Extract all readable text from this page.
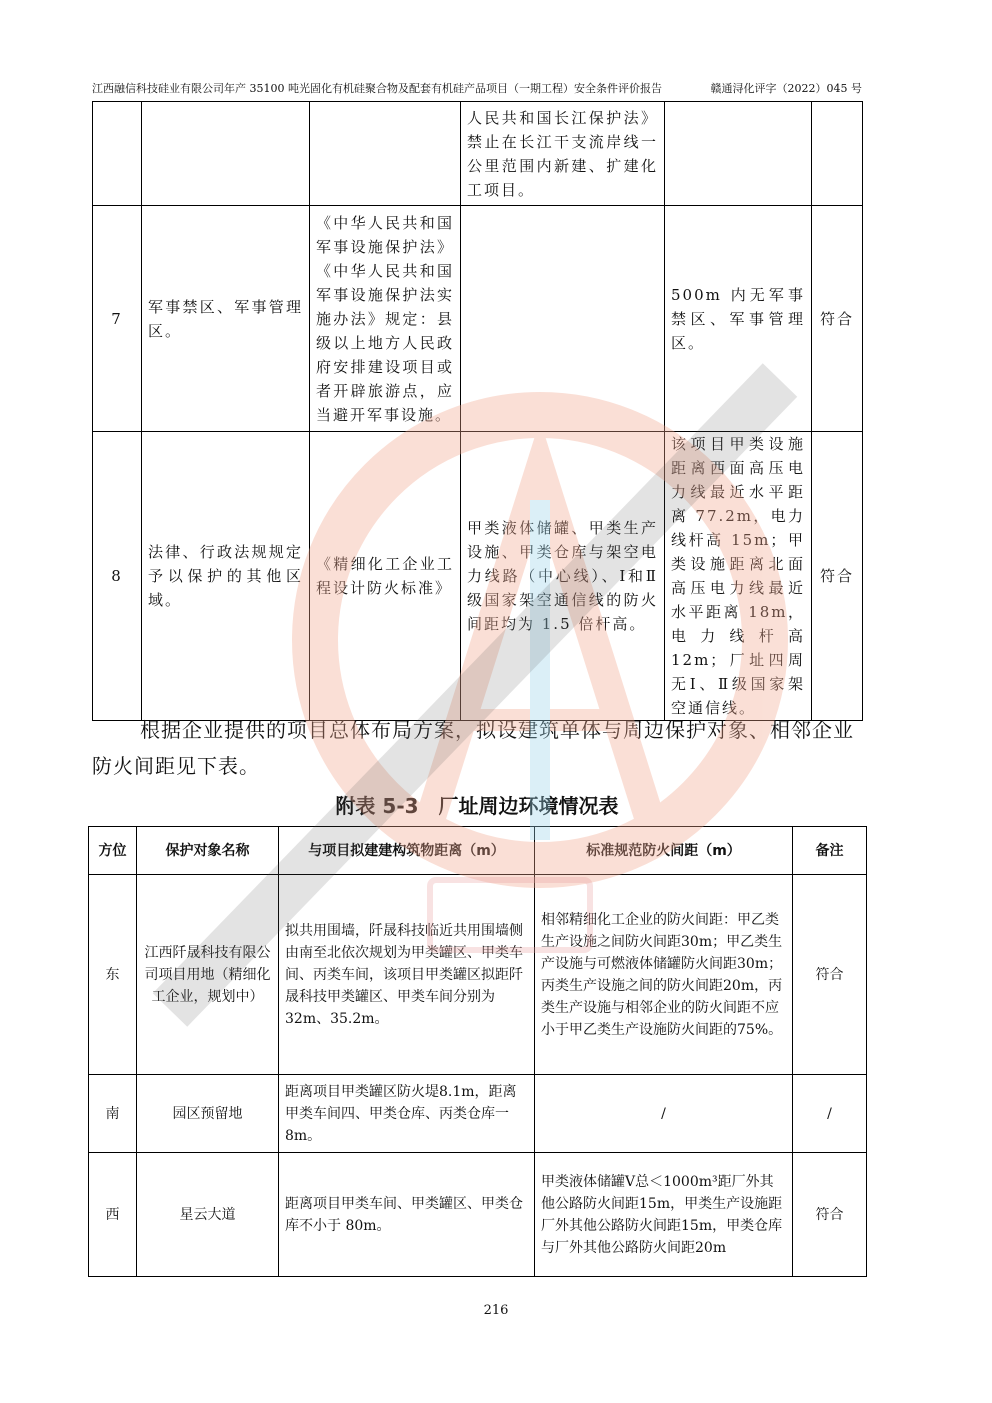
江西融信科技硅业有限公司年产 35100 吨光固化有机硅聚合物及配套有机硅产品项目（一期工程）安全条件评价报告	赣通浔化评字（2022）045 号
			人民共和国长江保护法》禁止在长江干支流岸线一公里范围内新建、扩建化工项目。		
7	军事禁区、军事管理区。	《中华人民共和国军事设施保护法》《中华人民共和国军事设施保护法实施办法》规定：县级以上地方人民政府安排建设项目或者开辟旅游点，应当避开军事设施。		500m 内无军事禁区、军事管理区。	符合
8	法律、行政法规规定予以保护的其他区域。	《精细化工企业工程设计防火标准》	甲类液体储罐、甲类生产设施、甲类仓库与架空电力线路（中心线）、Ⅰ和Ⅱ级国家架空通信线的防火间距均为 1.5 倍杆高。	该项目甲类设施距离西面高压电力线最近水平距离 77.2m，电力线杆高 15m；甲类设施距离北面高压电力线最近水平距离 18m，电力线杆高 12m；厂址四周无Ⅰ、Ⅱ级国家架空通信线。	符合
根据企业提供的项目总体布局方案，拟设建筑单体与周边保护对象、相邻企业防火间距见下表。
附表 5-3　厂址周边环境情况表
方位	保护对象名称	与项目拟建建构筑物距离（m）	标准规范防火间距（m）	备注
东	江西阡晟科技有限公司项目用地（精细化工企业，规划中）	拟共用围墙，阡晟科技临近共用围墙侧由南至北依次规划为甲类罐区、甲类车间、丙类车间，该项目甲类罐区拟距阡晟科技甲类罐区、甲类车间分别为32m、35.2m。	相邻精细化工企业的防火间距：甲乙类生产设施之间防火间距30m；甲乙类生产设施与可燃液体储罐防火间距30m；丙类生产设施之间的防火间距20m，丙类生产设施与相邻企业的防火间距不应小于甲乙类生产设施防火间距的75%。	符合
南	园区预留地	距离项目甲类罐区防火堤8.1m，距离甲类车间四、甲类仓库、丙类仓库一 8m。	/	/
西	星云大道	距离项目甲类车间、甲类罐区、甲类仓库不小于 80m。	甲类液体储罐V总＜1000m³距厂外其他公路防火间距15m，甲类生产设施距厂外其他公路防火间距15m，甲类仓库与厂外其他公路防火间距20m	符合
216
